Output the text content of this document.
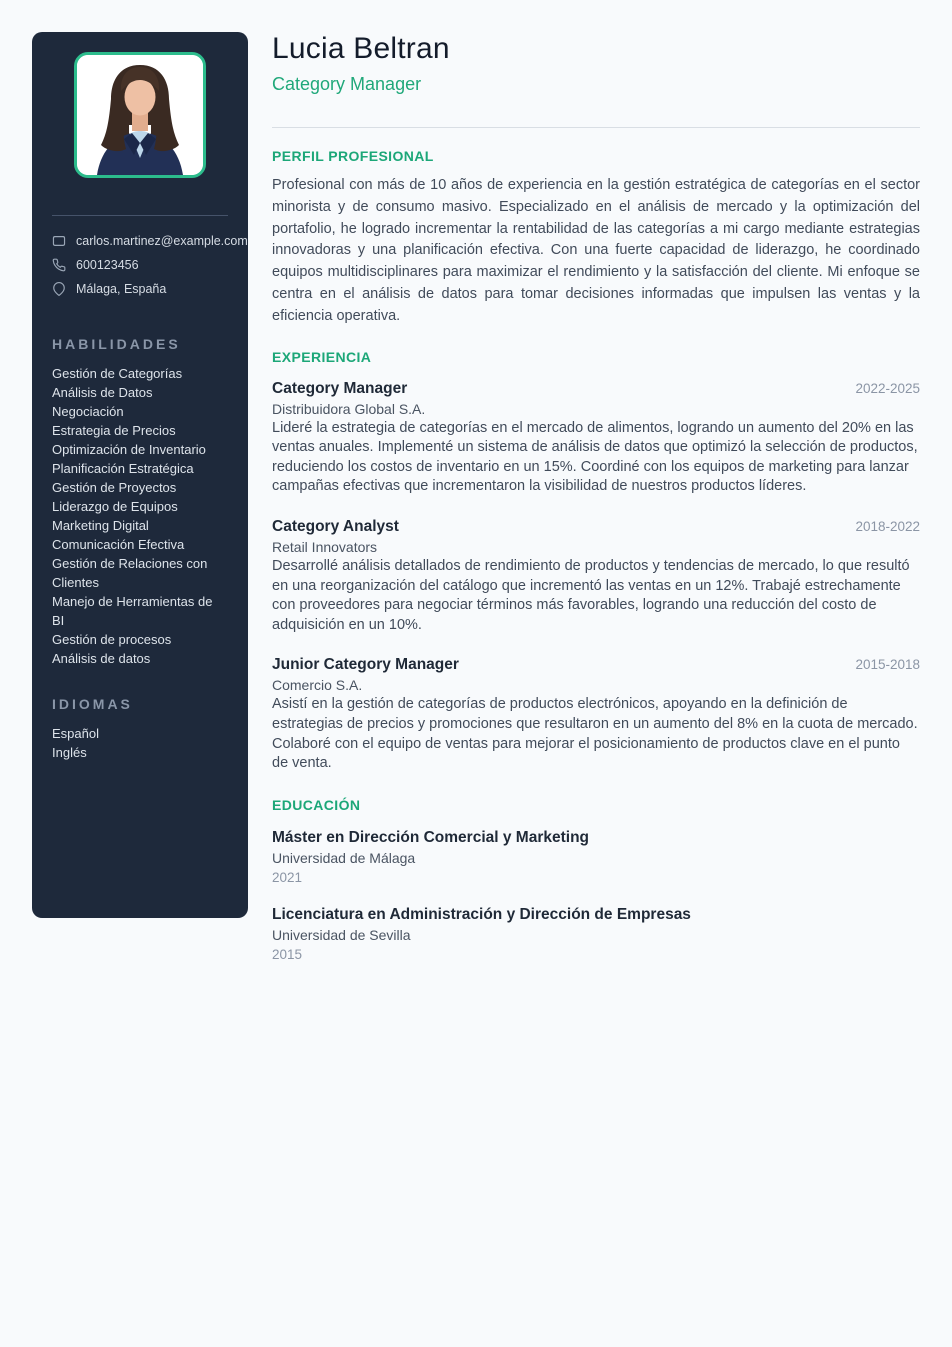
carlos.martinez@example.com
600123456
Málaga, España
HABILIDADES
Gestión de Categorías
Análisis de Datos
Negociación
Estrategia de Precios
Optimización de Inventario
Planificación Estratégica
Gestión de Proyectos
Liderazgo de Equipos
Marketing Digital
Comunicación Efectiva
Gestión de Relaciones con Clientes
Manejo de Herramientas de BI
Gestión de procesos
Análisis de datos
IDIOMAS
Español
Inglés
Lucia Beltran
Category Manager
PERFIL PROFESIONAL

Profesional con más de 10 años de experiencia en la gestión estratégica de categorías en el sector minorista y de consumo masivo. Especializado en el análisis de mercado y la optimización del portafolio, he logrado incrementar la rentabilidad de las categorías a mi cargo mediante estrategias innovadoras y una planificación efectiva. Con una fuerte capacidad de liderazgo, he coordinado equipos multidisciplinares para maximizar el rendimiento y la satisfacción del cliente. Mi enfoque se centra en el análisis de datos para tomar decisiones informadas que impulsen las ventas y la eficiencia operativa.

EXPERIENCIA
Category Manager	2022-2025
Distribuidora Global S.A.
Lideré la estrategia de categorías en el mercado de alimentos, logrando un aumento del 20% en las ventas anuales. Implementé un sistema de análisis de datos que optimizó la selección de productos, reduciendo los costos de inventario en un 15%. Coordiné con los equipos de marketing para lanzar campañas efectivas que incrementaron la visibilidad de nuestros productos líderes.
Category Analyst	2018-2022
Retail Innovators
Desarrollé análisis detallados de rendimiento de productos y tendencias de mercado, lo que resultó en una reorganización del catálogo que incrementó las ventas en un 12%. Trabajé estrechamente con proveedores para negociar términos más favorables, logrando una reducción del costo de adquisición en un 10%.
Junior Category Manager	2015-2018
Comercio S.A.
Asistí en la gestión de categorías de productos electrónicos, apoyando en la definición de estrategias de precios y promociones que resultaron en un aumento del 8% en la cuota de mercado. Colaboré con el equipo de ventas para mejorar el posicionamiento de productos clave en el punto de venta.
EDUCACIÓN
Máster en Dirección Comercial y Marketing
Universidad de Málaga
2021
Licenciatura en Administración y Dirección de Empresas
Universidad de Sevilla
2015
